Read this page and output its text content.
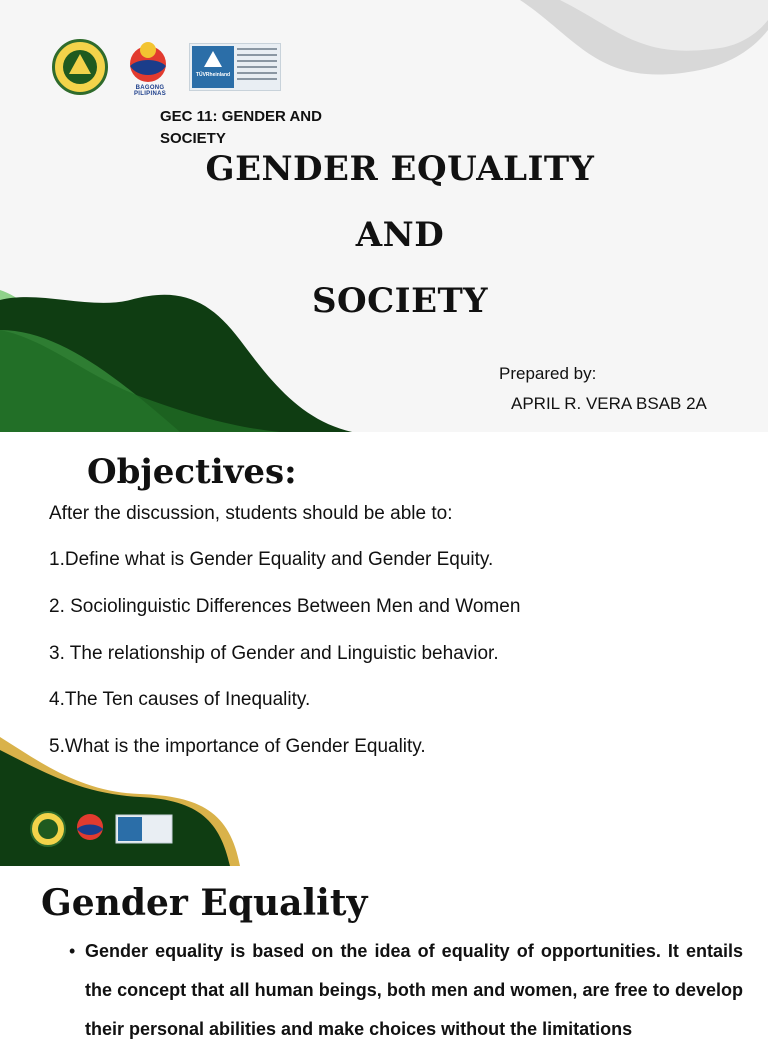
BAGONG PILIPINAS
TÜVRheinland
GEC 11: GENDER AND SOCIETY
GENDER EQUALITY
AND
SOCIETY
Prepared by:
APRIL R. VERA BSAB 2A
Objectives:
After the discussion, students should be able to:
1.Define what is Gender Equality and Gender Equity.
2. Sociolinguistic Differences Between Men and Women
3. The relationship of Gender and Linguistic behavior.
4.The Ten causes of Inequality.
5.What is the importance of Gender Equality.
Gender Equality
• Gender equality is based on the idea of equality of opportunities. It entails the concept that all human beings, both men and women, are free to develop their personal abilities and make choices without the limitations
